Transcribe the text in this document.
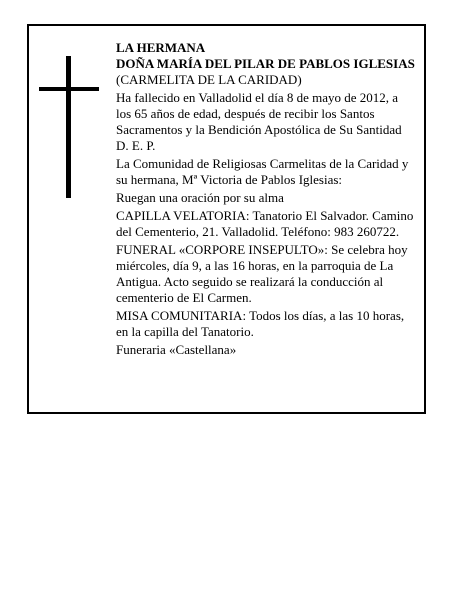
LA HERMANA

DOÑA MARÍA DEL PILAR DE PABLOS IGLESIAS

(CARMELITA DE LA CARIDAD)

Ha fallecido en Valladolid el día 8 de mayo de 2012, a los 65 años de edad, después de recibir los Santos Sacramentos y la Bendición Apostólica de Su Santidad D. E. P.

La Comunidad de Religiosas Carmelitas de la Caridad y su hermana, Mª Victoria de Pablos Iglesias:

Ruegan una oración por su alma

CAPILLA VELATORIA: Tanatorio El Salvador. Camino del Cementerio, 21. Valladolid. Teléfono: 983 260722.

FUNERAL «CORPORE INSEPULTO»: Se celebra hoy miércoles, día 9, a las 16 horas, en la parroquia de La Antigua. Acto seguido se realizará la conducción al cementerio de El Carmen.

MISA COMUNITARIA: Todos los días, a las 10 horas, en la capilla del Tanatorio.

Funeraria «Castellana»
